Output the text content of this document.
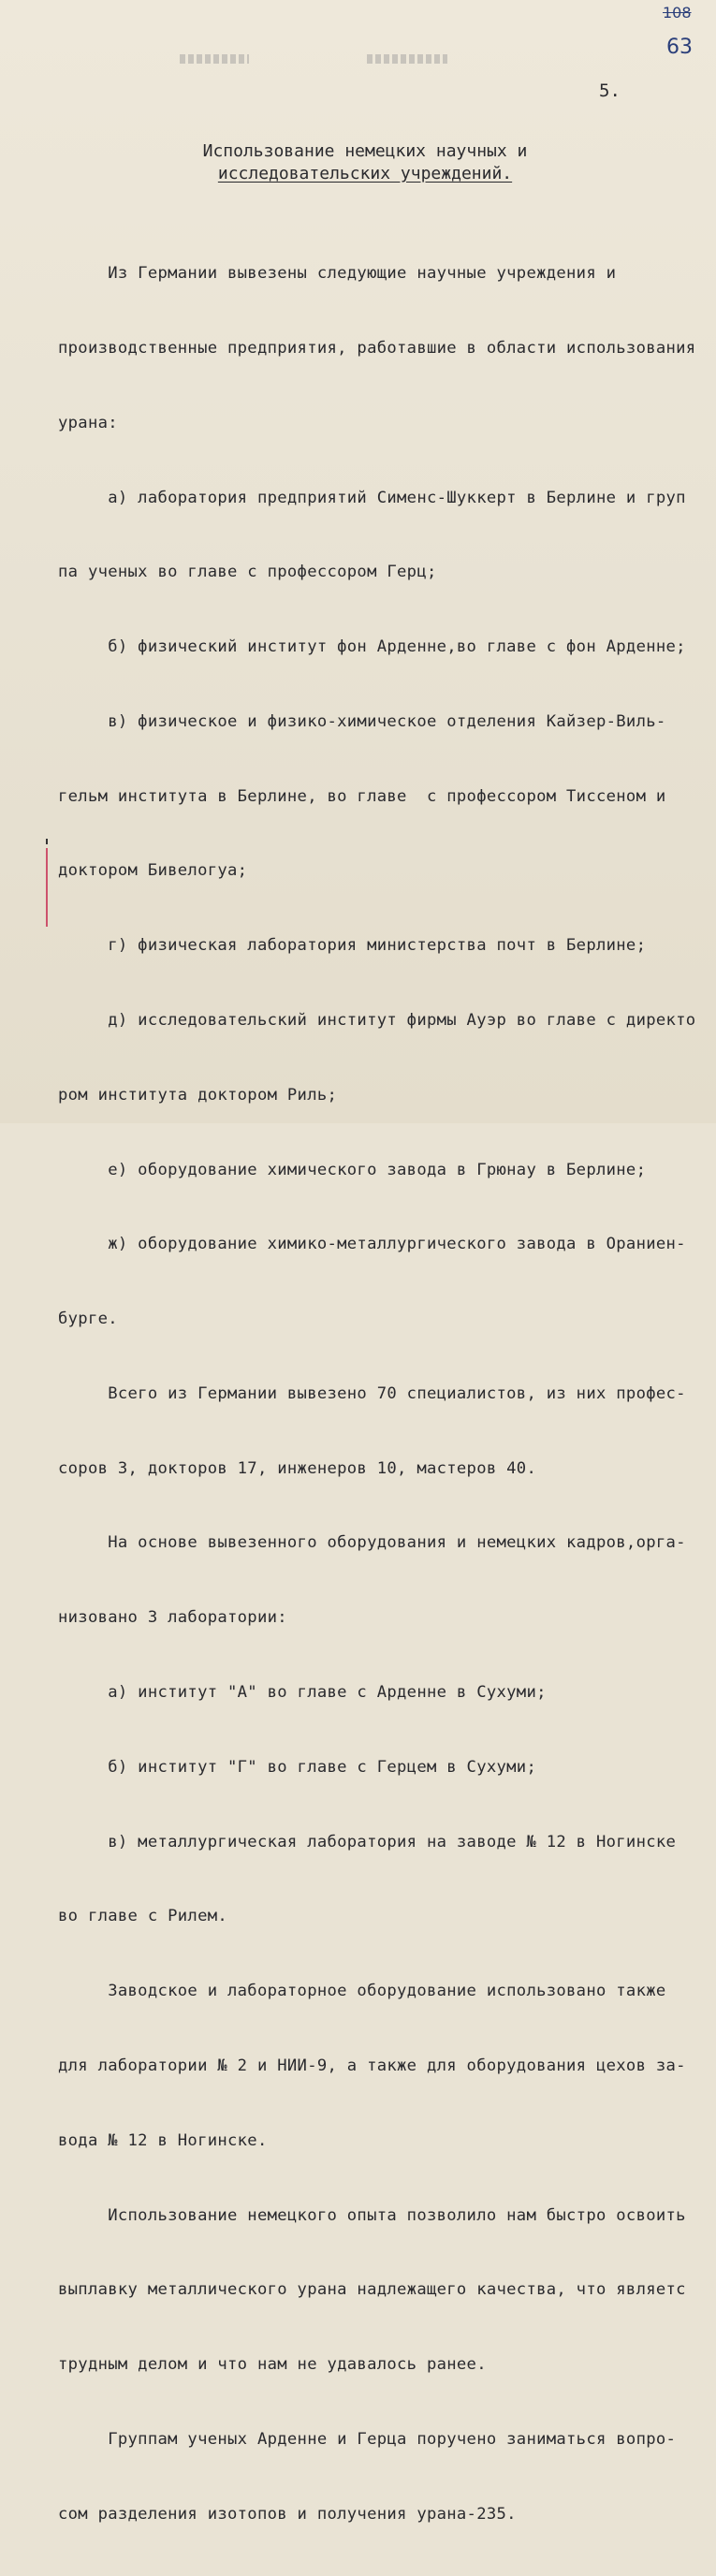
108
63
5.
Использование немецких научных и
исследовательских учреждений.

Из Германии вывезены следующие научные учреждения и

производственные предприятия, работавшие в области использования

урана:

а) лаборатория предприятий Сименс-Шуккерт в Берлине и груп

па ученых во главе с профессором Герц;

б) физический институт фон Арденне,во главе с фон Арденне;

в) физическое и физико-химическое отделения Кайзер-Виль-

гельм института в Берлине, во главе  с профессором Тиссеном и

доктором Бивелогуа;

г) физическая лаборатория министерства почт в Берлине;

д) исследовательский институт фирмы Ауэр во главе с директо

ром института доктором Риль;

е) оборудование химического завода в Грюнау в Берлине;

ж) оборудование химико-металлургического завода в Ораниен-

бурге.

Всего из Германии вывезено 70 специалистов, из них профес-

соров 3, докторов 17, инженеров 10, мастеров 40.

На основе вывезенного оборудования и немецких кадров,орга-

низовано 3 лаборатории:

а) институт "А" во главе с Арденне в Сухуми;

б) институт "Г" во главе с Герцем в Сухуми;

в) металлургическая лаборатория на заводе № 12 в Ногинске

во главе с Рилем.

Заводское и лабораторное оборудование использовано также

для лаборатории № 2 и НИИ-9, а также для оборудования цехов за-

вода № 12 в Ногинске.

Использование немецкого опыта позволило нам быстро освоить

выплавку металлического урана надлежащего качества, что являетс

трудным делом и что нам не удавалось ранее.

Группам ученых Арденне и Герца поручено заниматься вопро-

сом разделения изотопов и получения урана-235.
